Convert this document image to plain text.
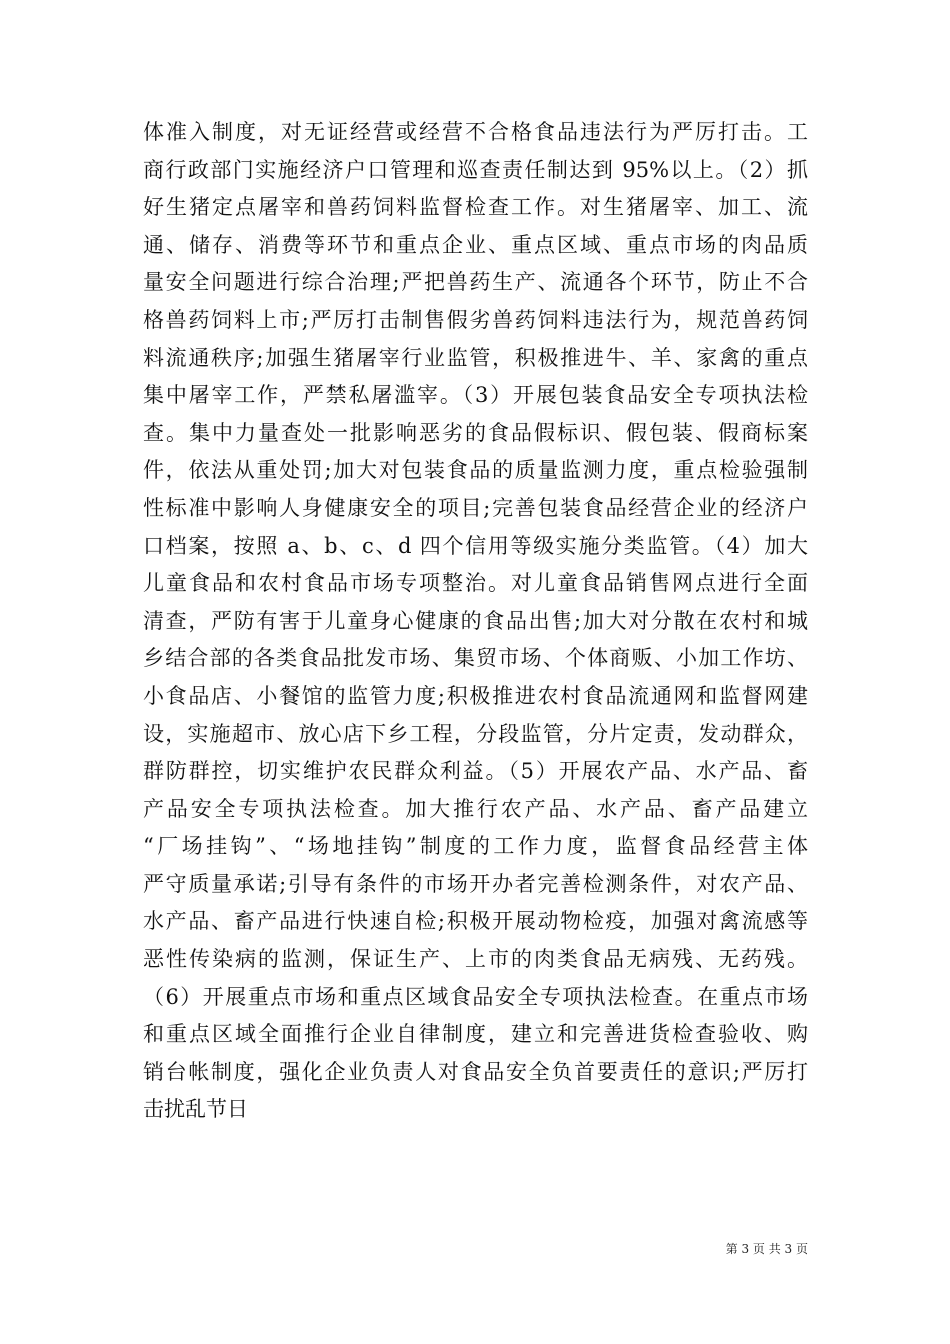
体准入制度，对无证经营或经营不合格食品违法行为严厉打击。工
商行政部门实施经济户口管理和巡查责任制达到 95%以上。（2）抓
好生猪定点屠宰和兽药饲料监督检查工作。对生猪屠宰、加工、流
通、储存、消费等环节和重点企业、重点区域、重点市场的肉品质
量安全问题进行综合治理;严把兽药生产、流通各个环节，防止不合
格兽药饲料上市;严厉打击制售假劣兽药饲料违法行为，规范兽药饲
料流通秩序;加强生猪屠宰行业监管，积极推进牛、羊、家禽的重点
集中屠宰工作，严禁私屠滥宰。（3）开展包装食品安全专项执法检
查。集中力量查处一批影响恶劣的食品假标识、假包装、假商标案
件，依法从重处罚;加大对包装食品的质量监测力度，重点检验强制
性标准中影响人身健康安全的项目;完善包装食品经营企业的经济户
口档案，按照 a、b、c、d 四个信用等级实施分类监管。（4）加大
儿童食品和农村食品市场专项整治。对儿童食品销售网点进行全面
清查，严防有害于儿童身心健康的食品出售;加大对分散在农村和城
乡结合部的各类食品批发市场、集贸市场、个体商贩、小加工作坊、
小食品店、小餐馆的监管力度;积极推进农村食品流通网和监督网建
设，实施超市、放心店下乡工程，分段监管，分片定责，发动群众，
群防群控，切实维护农民群众利益。（5）开展农产品、水产品、畜
产品安全专项执法检查。加大推行农产品、水产品、畜产品建立
“厂场挂钩”、“场地挂钩”制度的工作力度，监督食品经营主体
严守质量承诺;引导有条件的市场开办者完善检测条件，对农产品、
水产品、畜产品进行快速自检;积极开展动物检疫，加强对禽流感等
恶性传染病的监测，保证生产、上市的肉类食品无病残、无药残。
（6）开展重点市场和重点区域食品安全专项执法检查。在重点市场
和重点区域全面推行企业自律制度，建立和完善进货检查验收、购
销台帐制度，强化企业负责人对食品安全负首要责任的意识;严厉打
击扰乱节日
第 3 页 共 3 页
